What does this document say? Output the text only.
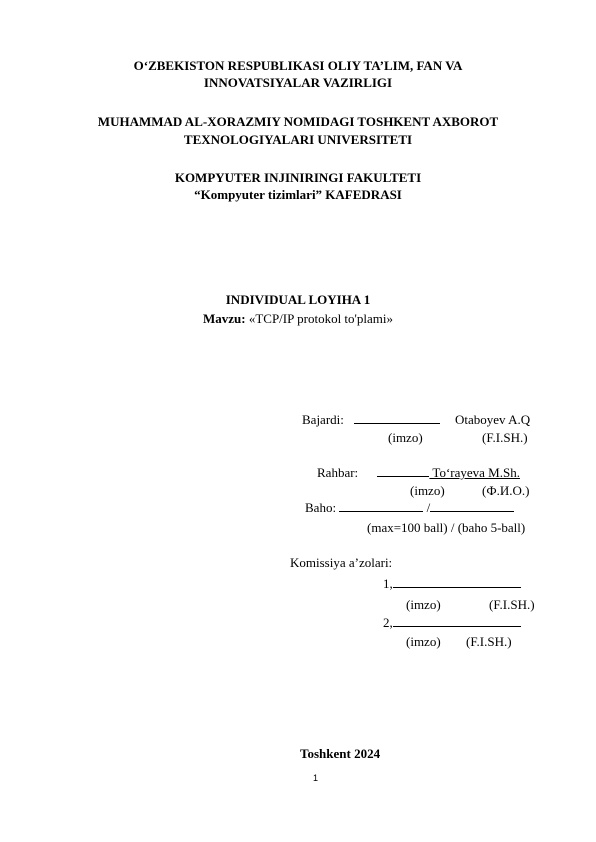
O‘ZBEKISTON RESPUBLIKASI OLIY TA’LIM, FAN VA
INNOVATSIYALAR VAZIRLIGI
MUHAMMAD AL-XORAZMIY NOMIDAGI TOSHKENT AXBOROT
TEXNOLOGIYALARI UNIVERSITETI
KOMPYUTER INJINIRINGI FAKULTETI
“Kompyuter tizimlari” KAFEDRASI
INDIVIDUAL LOYIHA 1
Mavzu: «TCP/IP protokol to'plami»
Bajardi:	Otaboyev A.Q
(imzo)	(F.I.SH.)
Rahbar:	To‘rayeva M.Sh.
(imzo)	(Ф.И.О.)
Baho:	/
(max=100 ball) / (baho 5-ball)
Komissiya a’zolari:
1,
(imzo)	(F.I.SH.)
2,
(imzo) (F.I.SH.)
Toshkent 2024
1
